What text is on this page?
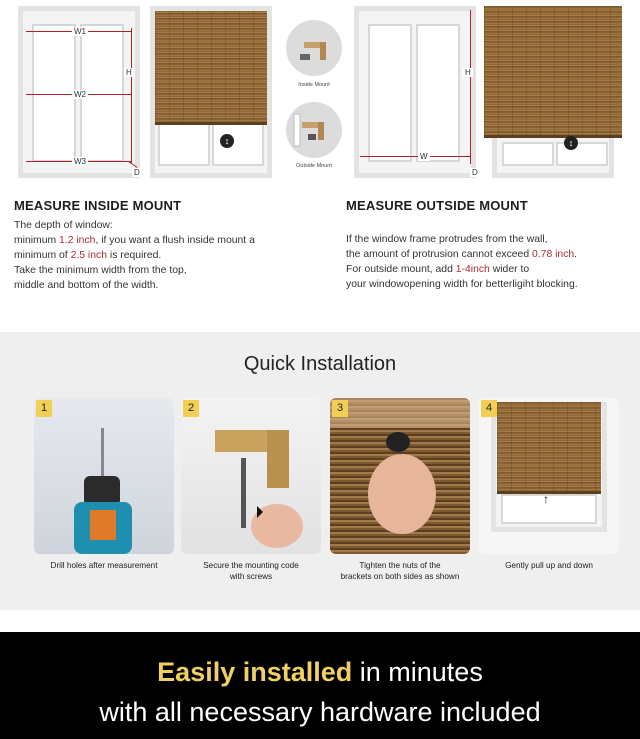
W1
W2
W3
H
D
↕
Inside Mount
Outside Mount
W
H
D
↕
MEASURE INSIDE MOUNT
The depth of window:
minimum 1.2 inch, if you want a flush inside mount a
minimum of 2.5 inch is required.
Take the minimum width from the top,
middle and bottom of the width.
MEASURE OUTSIDE MOUNT
If the window frame protrudes from the wall,
the amount of protrusion cannot exceed 0.78 inch.
For outside mount, add 1-4inch wider to
your windowopening width for betterligiht blocking.
Quick Installation
1
Drill holes after measurement
2
Secure the mounting code
with screws
3
Tighten the nuts of the
brackets on both sides as shown
4
↑
Gently pull up and down
Easily installed in minutes
with all necessary hardware included
